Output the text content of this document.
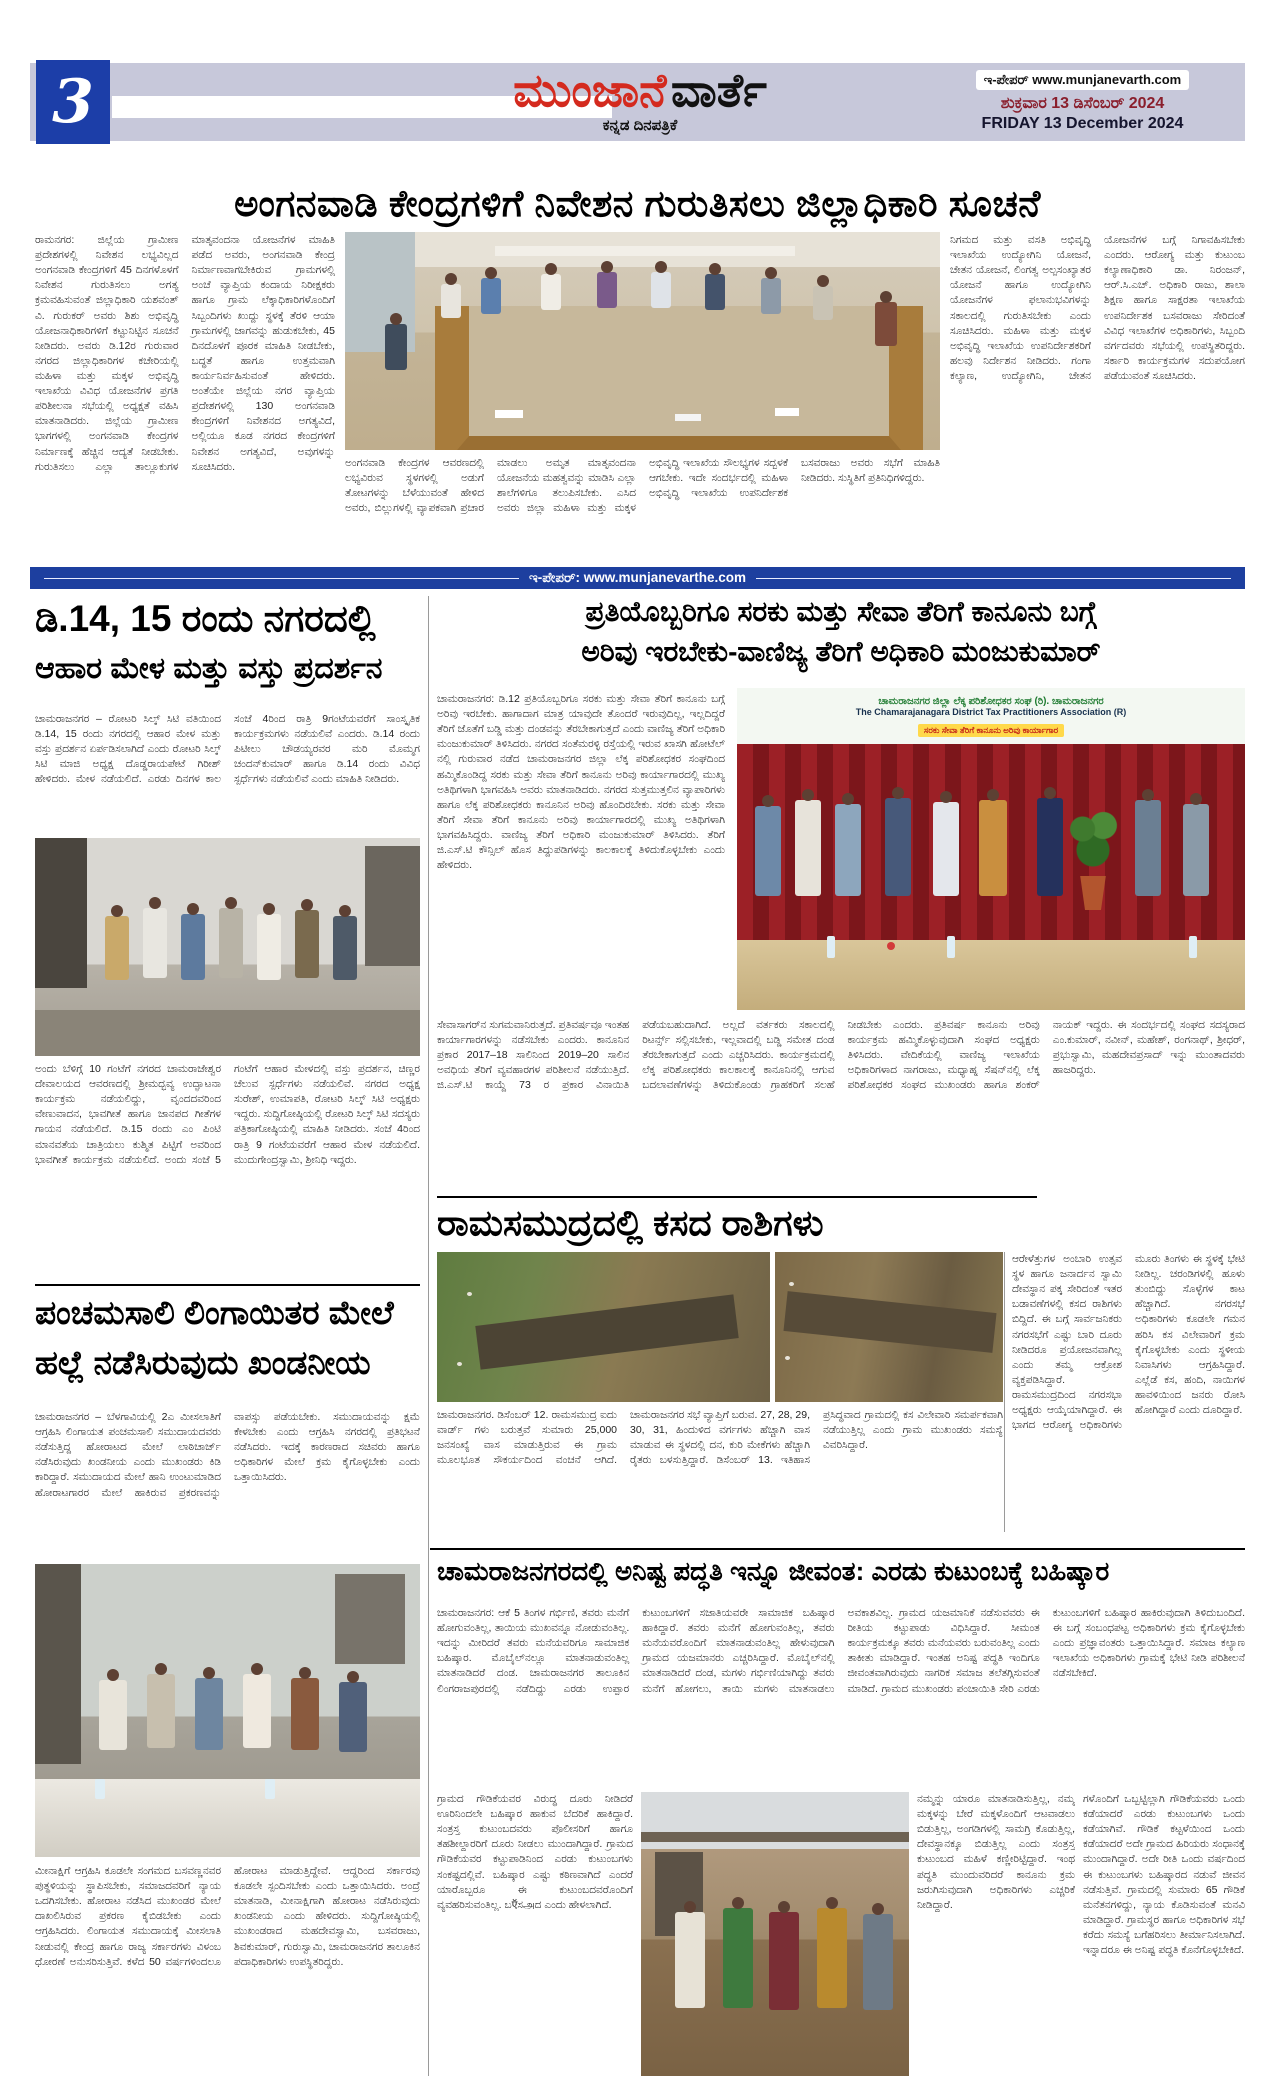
3	ಮುಂಜಾನೆ ವಾರ್ತೆ
ಕನ್ನಡ ದಿನಪತ್ರಿಕೆ
ಇ-ಪೇಪರ್ www.munjanevarth.com
ಶುಕ್ರವಾರ 13 ಡಿಸೆಂಬರ್ 2024
FRIDAY 13 December 2024
ಅಂಗನವಾಡಿ ಕೇಂದ್ರಗಳಿಗೆ ನಿವೇಶನ ಗುರುತಿಸಲು ಜಿಲ್ಲಾಧಿಕಾರಿ ಸೂಚನೆ
ರಾಮನಗರ: ಜಿಲ್ಲೆಯ ಗ್ರಾಮೀಣ ಪ್ರದೇಶಗಳಲ್ಲಿ ನಿವೇಶನ ಲಭ್ಯವಿಲ್ಲದ ಅಂಗನವಾಡಿ ಕೇಂದ್ರಗಳಿಗೆ 45 ದಿನಗಳೊಳಗೆ ನಿವೇಶನ ಗುರುತಿಸಲು ಅಗತ್ಯ ಕ್ರಮವಹಿಸುವಂತೆ ಜಿಲ್ಲಾಧಿಕಾರಿ ಯಶವಂತ್ ವಿ. ಗುರುಕರ್ ಅವರು ಶಿಶು ಅಭಿವೃದ್ಧಿ ಯೋಜನಾಧಿಕಾರಿಗಳಿಗೆ ಕಟ್ಟುನಿಟ್ಟಿನ ಸೂಚನೆ ನೀಡಿದರು. ಅವರು ಡಿ.12ರ ಗುರುವಾರ ನಗರದ ಜಿಲ್ಲಾಧಿಕಾರಿಗಳ ಕಚೇರಿಯಲ್ಲಿ ಮಹಿಳಾ ಮತ್ತು ಮಕ್ಕಳ ಅಭಿವೃದ್ಧಿ ಇಲಾಖೆಯ ವಿವಿಧ ಯೋಜನೆಗಳ ಪ್ರಗತಿ ಪರಿಶೀಲನಾ ಸಭೆಯಲ್ಲಿ ಅಧ್ಯಕ್ಷತೆ ವಹಿಸಿ ಮಾತನಾಡಿದರು. ಜಿಲ್ಲೆಯ ಗ್ರಾಮೀಣ ಭಾಗಗಳಲ್ಲಿ ಅಂಗನವಾಡಿ ಕೇಂದ್ರಗಳ ನಿರ್ಮಾಣಕ್ಕೆ ಹೆಚ್ಚಿನ ಆದ್ಯತೆ ನೀಡಬೇಕು. ಗುರುತಿಸಲು ಎಲ್ಲಾ ತಾಲ್ಲೂಕುಗಳ ಮಾತೃವಂದನಾ ಯೋಜನೆಗಳ ಮಾಹಿತಿ ಪಡೆದ ಅವರು, ಅಂಗನವಾಡಿ ಕೇಂದ್ರ ನಿರ್ಮಾಣವಾಗಬೇಕಿರುವ ಗ್ರಾಮಗಳಲ್ಲಿ ಅಂಚೆ ವ್ಯಾಪ್ತಿಯ ಕಂದಾಯ ನಿರೀಕ್ಷಕರು ಹಾಗೂ ಗ್ರಾಮ ಲೆಕ್ಕಾಧಿಕಾರಿಗಳೊಂದಿಗೆ ಸಿಬ್ಬಂದಿಗಳು ಖುದ್ದು ಸ್ಥಳಕ್ಕೆ ತೆರಳಿ ಆಯಾ ಗ್ರಾಮಗಳಲ್ಲಿ ಜಾಗವನ್ನು ಹುಡುಕಬೇಕು, 45 ದಿನದೊಳಗೆ ಪೂರಕ ಮಾಹಿತಿ ನೀಡಬೇಕು, ಬದ್ಧತೆ ಹಾಗೂ ಉತ್ತಮವಾಗಿ ಕಾರ್ಯನಿರ್ವಹಿಸುವಂತೆ ಹೇಳಿದರು. ಅಂತೆಯೇ ಜಿಲ್ಲೆಯ ನಗರ ವ್ಯಾಪ್ತಿಯ ಪ್ರದೇಶಗಳಲ್ಲಿ 130 ಅಂಗನವಾಡಿ ಕೇಂದ್ರಗಳಿಗೆ ನಿವೇಶನದ ಅಗತ್ಯವಿದೆ, ಅಲ್ಲಿಯೂ ಕೂಡ ನಗರದ ಕೇಂದ್ರಗಳಿಗೆ ನಿವೇಶನ ಅಗತ್ಯವಿದೆ, ಅವುಗಳನ್ನು ಸೂಚಿಸಿದರು.	ಅಂಗನವಾಡಿ ಕೇಂದ್ರಗಳ ಆವರಣದಲ್ಲಿ ಲಭ್ಯವಿರುವ ಸ್ಥಳಗಳಲ್ಲಿ ಅಡುಗೆ ತೋಟಗಳನ್ನು ಬೆಳೆಯುವಂತೆ ಹೇಳಿದ ಅವರು, ಬಿಲ್ಲುಗಳಲ್ಲಿ ವ್ಯಾಪಕವಾಗಿ ಪ್ರಚಾರ ಮಾಡಲು ಅಮೃತ ಮಾತೃವಂದನಾ ಯೋಜನೆಯ ಮಹತ್ವವನ್ನು ಮಾಡಿಸಿ ಎಲ್ಲಾ ಶಾಲೆಗಳಿಗೂ ತಲುಪಿಸಬೇಕು. ಎಸಿದ ಅವರು ಜಿಲ್ಲಾ ಮಹಿಳಾ ಮತ್ತು ಮಕ್ಕಳ ಅಭಿವೃದ್ಧಿ ಇಲಾಖೆಯ ಸೌಲಭ್ಯಗಳ ಸದ್ಬಳಕೆ ಆಗಬೇಕು. ಇದೇ ಸಂದರ್ಭದಲ್ಲಿ ಮಹಿಳಾ ಅಭಿವೃದ್ಧಿ ಇಲಾಖೆಯ ಉಪನಿರ್ದೇಶಕ ಬಸವರಾಜು ಅವರು ಸಭೆಗೆ ಮಾಹಿತಿ ನೀಡಿದರು. ಸುಸ್ಥಿತಿಗೆ ಪ್ರತಿನಿಧಿಗಳಿದ್ದರು.
ನಿಗಮದ ಮತ್ತು ವಸತಿ ಅಭಿವೃದ್ಧಿ ಇಲಾಖೆಯ ಉದ್ಯೋಗಿನಿ ಯೋಜನೆ, ಚೇತನ ಯೋಜನೆ, ಲಿಂಗತ್ವ ಅಲ್ಪಸಂಖ್ಯಾತರ ಯೋಜನೆ ಹಾಗೂ ಉದ್ಯೋಗಿನಿ ಯೋಜನೆಗಳ ಫಲಾನುಭವಿಗಳನ್ನು ಸಕಾಲದಲ್ಲಿ ಗುರುತಿಸಬೇಕು ಎಂದು ಸೂಚಿಸಿದರು. ಮಹಿಳಾ ಮತ್ತು ಮಕ್ಕಳ ಅಭಿವೃದ್ಧಿ ಇಲಾಖೆಯ ಉಪನಿರ್ದೇಶಕರಿಗೆ ಹಲವು ನಿರ್ದೇಶನ ನೀಡಿದರು. ಗಂಗಾ ಕಲ್ಯಾಣ, ಉದ್ಯೋಗಿನಿ, ಚೇತನ ಯೋಜನೆಗಳ ಬಗ್ಗೆ ನಿಗಾವಹಿಸಬೇಕು ಎಂದರು. ಆರೋಗ್ಯ ಮತ್ತು ಕುಟುಂಬ ಕಲ್ಯಾಣಾಧಿಕಾರಿ ಡಾ. ನಿರಂಜನ್, ಆರ್.ಸಿ.ಎಚ್. ಅಧಿಕಾರಿ ರಾಜು, ಶಾಲಾ ಶಿಕ್ಷಣ ಹಾಗೂ ಸಾಕ್ಷರತಾ ಇಲಾಖೆಯ ಉಪನಿರ್ದೇಶಕ ಬಸವರಾಜು ಸೇರಿದಂತೆ ವಿವಿಧ ಇಲಾಖೆಗಳ ಅಧಿಕಾರಿಗಳು, ಸಿಬ್ಬಂದಿ ವರ್ಗದವರು ಸಭೆಯಲ್ಲಿ ಉಪಸ್ಥಿತರಿದ್ದರು. ಸರ್ಕಾರಿ ಕಾರ್ಯಕ್ರಮಗಳ ಸದುಪಯೋಗ ಪಡೆಯುವಂತೆ ಸೂಚಿಸಿದರು.
ಇ-ಪೇಪರ್: www.munjanevarthe.com
ಡಿ.14, 15 ರಂದು ನಗರದಲ್ಲಿ
ಆಹಾರ ಮೇಳ ಮತ್ತು ವಸ್ತು ಪ್ರದರ್ಶನ
ಚಾಮರಾಜನಗರ – ರೋಟರಿ ಸಿಲ್ಕ್ ಸಿಟಿ ವತಿಯಿಂದ ಡಿ.14, 15 ರಂದು ನಗರದಲ್ಲಿ ಆಹಾರ ಮೇಳ ಮತ್ತು ವಸ್ತು ಪ್ರದರ್ಶನ ಏರ್ಪಡಿಸಲಾಗಿದೆ ಎಂದು ರೋಟರಿ ಸಿಲ್ಕ್ ಸಿಟಿ ಮಾಜಿ ಅಧ್ಯಕ್ಷ ದೊಡ್ಡರಾಯಪೇಟೆ ಗಿರೀಶ್ ಹೇಳಿದರು. ಮೇಳ ನಡೆಯಲಿದೆ. ಎರಡು ದಿನಗಳ ಕಾಲ ಸಂಜೆ 4ರಿಂದ ರಾತ್ರಿ 9ಗಂಟೆಯವರೆಗೆ ಸಾಂಸ್ಕೃತಿಕ ಕಾರ್ಯಕ್ರಮಗಳು ನಡೆಯಲಿವೆ ಎಂದರು. ಡಿ.14 ರಂದು ಪಿಟೀಲು ಚೌಡಯ್ಯರವರ ಮರಿ ಮೊಮ್ಮಗ ಚಂದನ್‌ಕುಮಾರ್ ಹಾಗೂ ಡಿ.14 ರಂದು ವಿವಿಧ ಸ್ಪರ್ಧೆಗಳು ನಡೆಯಲಿವೆ ಎಂದು ಮಾಹಿತಿ ನೀಡಿದರು.
ಅಂದು ಬೆಳಿಗ್ಗೆ 10 ಗಂಟೆಗೆ ನಗರದ ಚಾಮರಾಜೇಶ್ವರ ದೇವಾಲಯದ ಆವರಣದಲ್ಲಿ ಶ್ರೀಮದ್ಭವ್ಯ ಉದ್ಘಾಟನಾ ಕಾರ್ಯಕ್ರಮ ನಡೆಯಲಿದ್ದು, ವೃಂದದವರಿಂದ ವೇಣುವಾದನ, ಭಾವಗೀತೆ ಹಾಗೂ ಜಾನಪದ ಗೀತೆಗಳ ಗಾಯನ ನಡೆಯಲಿದೆ. ಡಿ.15 ರಂದು ಎಂ ಪಿಂಟಿ ಮಾನವತೆಯ ಚಾತ್ರಿಯಲು ಕುಶ್ಮಿತ ಪಿಟ್ಟಿಗೆ ಅವರಿಂದ ಭಾವಗೀತೆ ಕಾರ್ಯಕ್ರಮ ನಡೆಯಲಿದೆ. ಅಂದು ಸಂಜೆ 5 ಗಂಟೆಗೆ ಆಹಾರ ಮೇಳದಲ್ಲಿ ವಸ್ತು ಪ್ರದರ್ಶನ, ಚಿಣ್ಣರ ಚೆಲುವ ಸ್ಪರ್ಧೆಗಳು ನಡೆಯಲಿವೆ. ನಗರದ ಅಧ್ಯಕ್ಷ ಸುರೇಶ್, ಉಮಾಪತಿ, ರೋಟರಿ ಸಿಲ್ಕ್ ಸಿಟಿ ಅಧ್ಯಕ್ಷರು ಇದ್ದರು. ಸುದ್ದಿಗೋಷ್ಠಿಯಲ್ಲಿ ರೋಟರಿ ಸಿಲ್ಕ್ ಸಿಟಿ ಸದಸ್ಯರು ಪತ್ರಿಕಾಗೋಷ್ಠಿಯಲ್ಲಿ ಮಾಹಿತಿ ನೀಡಿದರು. ಸಂಜೆ 4ರಿಂದ ರಾತ್ರಿ 9 ಗಂಟೆಯವರೆಗೆ ಆಹಾರ ಮೇಳ ನಡೆಯಲಿದೆ. ಮುದುಗೇಂದ್ರಸ್ವಾಮಿ, ಶ್ರೀನಿಧಿ ಇದ್ದರು.
ಪ್ರತಿಯೊಬ್ಬರಿಗೂ ಸರಕು ಮತ್ತು ಸೇವಾ ತೆರಿಗೆ ಕಾನೂನು ಬಗ್ಗೆ
ಅರಿವು ಇರಬೇಕು-ವಾಣಿಜ್ಯ ತೆರಿಗೆ ಅಧಿಕಾರಿ ಮಂಜುಕುಮಾರ್
ಚಾಮರಾಜನಗರ: ಡಿ.12 ಪ್ರತಿಯೊಬ್ಬರಿಗೂ ಸರಕು ಮತ್ತು ಸೇವಾ ತೆರಿಗೆ ಕಾನೂನು ಬಗ್ಗೆ ಅರಿವು ಇರಬೇಕು. ಹಾಗಾದಾಗ ಮಾತ್ರ ಯಾವುದೇ ತೊಂದರೆ ಇರುವುದಿಲ್ಲ, ಇಲ್ಲದಿದ್ದರೆ ತೆರಿಗೆ ಜೊತೆಗೆ ಬಡ್ಡಿ ಮತ್ತು ದಂಡವನ್ನು ತೆರಬೇಕಾಗುತ್ತದೆ ಎಂದು ವಾಣಿಜ್ಯ ತೆರಿಗೆ ಅಧಿಕಾರಿ ಮಂಜುಕುಮಾರ್ ತಿಳಿಸಿದರು. ನಗರದ ಸಂತೆಮರಳ್ಳಿ ರಸ್ತೆಯಲ್ಲಿ ಇರುವ ಖಾಸಗಿ ಹೋಟೆಲ್ ನಲ್ಲಿ ಗುರುವಾರ ನಡೆದ ಚಾಮರಾಜನಗರ ಜಿಲ್ಲಾ ಲೆಕ್ಕ ಪರಿಶೋಧಕರ ಸಂಘದಿಂದ ಹಮ್ಮಿಕೊಂಡಿದ್ದ ಸರಕು ಮತ್ತು ಸೇವಾ ತೆರಿಗೆ ಕಾನೂನು ಅರಿವು ಕಾರ್ಯಾಗಾರದಲ್ಲಿ ಮುಖ್ಯ ಅತಿಥಿಗಳಾಗಿ ಭಾಗವಹಿಸಿ ಅವರು ಮಾತನಾಡಿದರು. ನಗರದ ಸುತ್ತಮುತ್ತಲಿನ ವ್ಯಾಪಾರಿಗಳು ಹಾಗೂ ಲೆಕ್ಕ ಪರಿಶೋಧಕರು ಕಾನೂನಿನ ಅರಿವು ಹೊಂದಿರಬೇಕು. ಸರಕು ಮತ್ತು ಸೇವಾ ತೆರಿಗೆ ಸೇವಾ ತೆರಿಗೆ ಕಾನೂನು ಅರಿವು ಕಾರ್ಯಾಗಾರದಲ್ಲಿ ಮುಖ್ಯ ಅತಿಥಿಗಳಾಗಿ ಭಾಗವಹಿಸಿದ್ದರು. ವಾಣಿಜ್ಯ ತೆರಿಗೆ ಅಧಿಕಾರಿ ಮಂಜುಕುಮಾರ್ ತಿಳಿಸಿದರು. ತೆರಿಗೆ ಜಿ.ಎಸ್.ಟಿ ಕೌನ್ಸಿಲ್ ಹೊಸ ತಿದ್ದುಪಡಿಗಳನ್ನು ಕಾಲಕಾಲಕ್ಕೆ ತಿಳಿದುಕೊಳ್ಳಬೇಕು ಎಂದು ಹೇಳಿದರು.
ಚಾಮರಾಜನಗರ ಜಿಲ್ಲಾ ಲೆಕ್ಕ ಪರಿಶೋಧಕರ ಸಂಘ (ರಿ). ಚಾಮರಾಜನಗರ
The Chamarajanagara District Tax Practitioners Association (R)
ಸರಕು ಸೇವಾ ತೆರಿಗೆ ಕಾನೂನು ಅರಿವು ಕಾರ್ಯಾಗಾರ
ಸೇವಾಸಾಗರ್‌ನ ಸುಗಮವಾನಿರುತ್ತದೆ. ಪ್ರತಿವರ್ಷವೂ ಇಂತಹ ಕಾರ್ಯಾಗಾರಗಳನ್ನು ನಡೆಸಬೇಕು ಎಂದರು. ಕಾನೂನಿನ ಪ್ರಕಾರ 2017–18 ಸಾಲಿನಿಂದ 2019–20 ಸಾಲಿನ ಅವಧಿಯ ತೆರಿಗೆ ವ್ಯವಹಾರಗಳ ಪರಿಶೀಲನೆ ನಡೆಯುತ್ತಿದೆ. ಜಿ.ಎಸ್.ಟಿ ಕಾಯ್ದೆ 73 ರ ಪ್ರಕಾರ ವಿನಾಯಿತಿ ಪಡೆಯಬಹುದಾಗಿದೆ. ಅಲ್ಲದೆ ವರ್ತಕರು ಸಕಾಲದಲ್ಲಿ ರಿಟರ್ನ್ಸ್ ಸಲ್ಲಿಸಬೇಕು, ಇಲ್ಲವಾದಲ್ಲಿ ಬಡ್ಡಿ ಸಮೇತ ದಂಡ ತೆರಬೇಕಾಗುತ್ತದೆ ಎಂದು ಎಚ್ಚರಿಸಿದರು. ಕಾರ್ಯಕ್ರಮದಲ್ಲಿ ಲೆಕ್ಕ ಪರಿಶೋಧಕರು ಕಾಲಕಾಲಕ್ಕೆ ಕಾನೂನಿನಲ್ಲಿ ಆಗುವ ಬದಲಾವಣೆಗಳನ್ನು ತಿಳಿದುಕೊಂಡು ಗ್ರಾಹಕರಿಗೆ ಸಲಹೆ ನೀಡಬೇಕು ಎಂದರು. ಪ್ರತಿವರ್ಷ ಕಾನೂನು ಅರಿವು ಕಾರ್ಯಕ್ರಮ ಹಮ್ಮಿಕೊಳ್ಳುವುದಾಗಿ ಸಂಘದ ಅಧ್ಯಕ್ಷರು ತಿಳಿಸಿದರು. ವೇದಿಕೆಯಲ್ಲಿ ವಾಣಿಜ್ಯ ಇಲಾಖೆಯ ಅಧಿಕಾರಿಗಳಾದ ನಾಗರಾಜು, ಮಧ್ಯಾಹ್ನ ಸೆಷನ್‌ನಲ್ಲಿ ಲೆಕ್ಕ ಪರಿಶೋಧಕರ ಸಂಘದ ಮುಖಂಡರು ಹಾಗೂ ಶಂಕರ್ ನಾಯಕ್ ಇದ್ದರು. ಈ ಸಂದರ್ಭದಲ್ಲಿ ಸಂಘದ ಸದಸ್ಯರಾದ ಎಂ.ಕುಮಾರ್, ನವೀನ್, ಮಹೇಶ್, ರಂಗನಾಥ್, ಶ್ರೀಧರ್, ಪ್ರಭುಸ್ವಾಮಿ, ಮಹದೇವಪ್ರಸಾದ್ ಇನ್ನು ಮುಂತಾದವರು ಹಾಜರಿದ್ದರು.
ರಾಮಸಮುದ್ರದಲ್ಲಿ ಕಸದ ರಾಶಿಗಳು
ಆರೇಳೆತ್ತುಗಳ ಅಂಬಾರಿ ಉತ್ಸವ ಸ್ಥಳ ಹಾಗೂ ಜನಾರ್ದನ ಸ್ವಾಮಿ ದೇವಸ್ಥಾನ ಪಕ್ಕ ಸೇರಿದಂತೆ ಇತರ ಬಡಾವಣೆಗಳಲ್ಲಿ ಕಸದ ರಾಶಿಗಳು ಬಿದ್ದಿದೆ. ಈ ಬಗ್ಗೆ ಸಾರ್ವಜನಿಕರು ನಗರಸಭೆಗೆ ಎಷ್ಟು ಬಾರಿ ದೂರು ನೀಡಿದರೂ ಪ್ರಯೋಜನವಾಗಿಲ್ಲ ಎಂದು ತಮ್ಮ ಆಕ್ರೋಶ ವ್ಯಕ್ತಪಡಿಸಿದ್ದಾರೆ. ರಾಮಸಮುದ್ರದಿಂದ ನಗರಸಭಾ ಅಧ್ಯಕ್ಷರು ಆಯ್ಕೆಯಾಗಿದ್ದಾರೆ. ಈ ಭಾಗದ ಆರೋಗ್ಯ ಅಧಿಕಾರಿಗಳು ಮೂರು ತಿಂಗಳು ಈ ಸ್ಥಳಕ್ಕೆ ಭೇಟಿ ನೀಡಿಲ್ಲ. ಚರಂಡಿಗಳಲ್ಲಿ ಹೂಳು ತುಂಬಿದ್ದು ಸೊಳ್ಳೆಗಳ ಕಾಟ ಹೆಚ್ಚಾಗಿದೆ. ನಗರಸಭೆ ಅಧಿಕಾರಿಗಳು ಕೂಡಲೇ ಗಮನ ಹರಿಸಿ ಕಸ ವಿಲೇವಾರಿಗೆ ಕ್ರಮ ಕೈಗೊಳ್ಳಬೇಕು ಎಂದು ಸ್ಥಳೀಯ ನಿವಾಸಿಗಳು ಆಗ್ರಹಿಸಿದ್ದಾರೆ. ಎಲ್ಲೆಡೆ ಕಸ, ಹಂದಿ, ನಾಯಿಗಳ ಹಾವಳಿಯಿಂದ ಜನರು ರೋಸಿ ಹೋಗಿದ್ದಾರೆ ಎಂದು ದೂರಿದ್ದಾರೆ.
ಚಾಮರಾಜನಗರ. ಡಿಸೆಂಬರ್ 12. ರಾಮಸಮುದ್ರ ಐದು ವಾರ್ಡ್ ಗಳು ಬರುತ್ತವೆ ಸುಮಾರು 25,000 ಜನಸಂಖ್ಯೆ ವಾಸ ಮಾಡುತ್ತಿರುವ ಈ ಗ್ರಾಮ ಮೂಲಭೂತ ಸೌಕರ್ಯದಿಂದ ವಂಚನೆ ಆಗಿದೆ. ಚಾಮರಾಜನಗರ ಸಭೆ ವ್ಯಾಪ್ತಿಗೆ ಬರುವ. 27, 28, 29, 30, 31, ಹಿಂದುಳಿದ ವರ್ಗಗಳು ಹೆಚ್ಚಾಗಿ ವಾಸ ಮಾಡುವ ಈ ಸ್ಥಳದಲ್ಲಿ ದನ, ಕುರಿ ಮೇಕೆಗಳು ಹೆಚ್ಚಾಗಿ ರೈತರು ಬಳಸುತ್ತಿದ್ದಾರೆ. ಡಿಸೆಂಬರ್ 13. ಇತಿಹಾಸ ಪ್ರಸಿದ್ಧವಾದ ಗ್ರಾಮದಲ್ಲಿ ಕಸ ವಿಲೇವಾರಿ ಸಮರ್ಪಕವಾಗಿ ನಡೆಯುತ್ತಿಲ್ಲ ಎಂದು ಗ್ರಾಮ ಮುಖಂಡರು ಸಮಸ್ಯೆ ವಿವರಿಸಿದ್ದಾರೆ.
ಪಂಚಮಸಾಲಿ ಲಿಂಗಾಯಿತರ ಮೇಲೆ
ಹಲ್ಲೆ ನಡೆಸಿರುವುದು ಖಂಡನೀಯ
ಚಾಮರಾಜನಗರ – ಬೆಳಗಾವಿಯಲ್ಲಿ 2ಎ ಮೀಸಲಾತಿಗೆ ಆಗ್ರಹಿಸಿ ಲಿಂಗಾಯತ ಪಂಚಮಸಾಲಿ ಸಮುದಾಯದವರು ನಡೆಸುತ್ತಿದ್ದ ಹೋರಾಟದ ಮೇಲೆ ಲಾಠಿಚಾರ್ಜ್ ನಡೆಸಿರುವುದು ಖಂಡನೀಯ ಎಂದು ಮುಖಂಡರು ಕಿಡಿ ಕಾರಿದ್ದಾರೆ. ಸಮುದಾಯದ ಮೇಲೆ ಹಾನಿ ಉಂಟುಮಾಡಿದ ಹೋರಾಟಗಾರರ ಮೇಲೆ ಹಾಕಿರುವ ಪ್ರಕರಣವನ್ನು ವಾಪಸ್ಸು ಪಡೆಯಬೇಕು. ಸಮುದಾಯವನ್ನು ಕ್ಷಮೆ ಕೇಳಬೇಕು ಎಂದು ಆಗ್ರಹಿಸಿ ನಗರದಲ್ಲಿ ಪ್ರತಿಭಟನೆ ನಡೆಸಿದರು. ಇದಕ್ಕೆ ಕಾರಣರಾದ ಸಚಿವರು ಹಾಗೂ ಅಧಿಕಾರಿಗಳ ಮೇಲೆ ಕ್ರಮ ಕೈಗೊಳ್ಳಬೇಕು ಎಂದು ಒತ್ತಾಯಿಸಿದರು.
ಮೀನಾಕ್ಷಿಗೆ ಆಗ್ರಹಿಸಿ ಕೂಡಲೇ ಸಂಗಮದ ಬಸವಣ್ಣನವರ ಪುತ್ಥಳಿಯನ್ನು ಸ್ಥಾಪಿಸಬೇಕು, ಸಮಾಜದವರಿಗೆ ನ್ಯಾಯ ಒದಗಿಸಬೇಕು. ಹೋರಾಟ ನಡೆಸಿದ ಮುಖಂಡರ ಮೇಲೆ ದಾಖಲಿಸಿರುವ ಪ್ರಕರಣ ಕೈಬಿಡಬೇಕು ಎಂದು ಆಗ್ರಹಿಸಿದರು. ಲಿಂಗಾಯತ ಸಮುದಾಯಕ್ಕೆ ಮೀಸಲಾತಿ ನೀಡುವಲ್ಲಿ ಕೇಂದ್ರ ಹಾಗೂ ರಾಜ್ಯ ಸರ್ಕಾರಗಳು ವಿಳಂಬ ಧೋರಣೆ ಅನುಸರಿಸುತ್ತಿವೆ. ಕಳೆದ 50 ವರ್ಷಗಳಿಂದಲೂ ಹೋರಾಟ ಮಾಡುತ್ತಿದ್ದೇವೆ. ಆದ್ದರಿಂದ ಸರ್ಕಾರವು ಕೂಡಲೇ ಸ್ಪಂದಿಸಬೇಕು ಎಂದು ಒತ್ತಾಯಿಸಿದರು. ಅಂದ್ರೆ ಮಾತನಾಡಿ, ಮೀನಾಕ್ಷಿಗಾಗಿ ಹೋರಾಟ ನಡೆಸಿರುವುದು ಖಂಡನೀಯ ಎಂದು ಹೇಳಿದರು. ಸುದ್ದಿಗೋಷ್ಠಿಯಲ್ಲಿ ಮುಖಂಡರಾದ ಮಹದೇವಸ್ವಾಮಿ, ಬಸವರಾಜು, ಶಿವಕುಮಾರ್, ಗುರುಸ್ವಾಮಿ, ಚಾಮರಾಜನಗರ ತಾಲೂಕಿನ ಪದಾಧಿಕಾರಿಗಳು ಉಪಸ್ಥಿತರಿದ್ದರು.
ಚಾಮರಾಜನಗರದಲ್ಲಿ ಅನಿಷ್ಟ ಪದ್ಧತಿ ಇನ್ನೂ ಜೀವಂತ: ಎರಡು ಕುಟುಂಬಕ್ಕೆ ಬಹಿಷ್ಕಾರ
ಚಾಮರಾಜನಗರ: ಆಕೆ 5 ತಿಂಗಳ ಗರ್ಭಿಣಿ, ತವರು ಮನೆಗೆ ಹೋಗುವಂತಿಲ್ಲ, ತಾಯಿಯ ಮುಖವನ್ನೂ ನೋಡುವಂತಿಲ್ಲ. ಇದನ್ನು ಮೀರಿದರೆ ತವರು ಮನೆಯವರಿಗೂ ಸಾಮಾಜಿಕ ಬಹಿಷ್ಕಾರ. ಮೊಬೈಲ್‌ನಲ್ಲೂ ಮಾತನಾಡುವಂತಿಲ್ಲ ಮಾತನಾಡಿದರೆ ದಂಡ. ಚಾಮರಾಜನಗರ ತಾಲೂಕಿನ ಲಿಂಗರಾಜಪುರದಲ್ಲಿ ನಡೆದಿದ್ದು ಎರಡು ಉಪ್ಪಾರ ಕುಟುಂಬಗಳಿಗೆ ಸಜಾತಿಯವರೇ ಸಾಮಾಜಿಕ ಬಹಿಷ್ಕಾರ ಹಾಕಿದ್ದಾರೆ. ತವರು ಮನೆಗೆ ಹೋಗುವಂತಿಲ್ಲ, ತವರು ಮನೆಯವರೊಂದಿಗೆ ಮಾತನಾಡುವಂತಿಲ್ಲ ಹೇಳುವುದಾಗಿ ಗ್ರಾಮದ ಯಜಮಾನರು ಎಚ್ಚರಿಸಿದ್ದಾರೆ. ಮೊಬೈಲ್‌ನಲ್ಲಿ ಮಾತನಾಡಿದರೆ ದಂಡ, ಮಗಳು ಗರ್ಭಿಣಿಯಾಗಿದ್ದು ತವರು ಮನೆಗೆ ಹೋಗಲು, ತಾಯಿ ಮಗಳು ಮಾತನಾಡಲು ಅವಕಾಶವಿಲ್ಲ. ಗ್ರಾಮದ ಯಜಮಾನಿಕೆ ನಡೆಸುವವರು ಈ ರೀತಿಯ ಕಟ್ಟುಪಾಡು ವಿಧಿಸಿದ್ದಾರೆ. ಸೀಮಂತ ಕಾರ್ಯಕ್ರಮಕ್ಕೂ ತವರು ಮನೆಯವರು ಬರುವಂತಿಲ್ಲ ಎಂದು ತಾಕೀತು ಮಾಡಿದ್ದಾರೆ. ಇಂತಹ ಅನಿಷ್ಟ ಪದ್ಧತಿ ಇಂದಿಗೂ ಜೀವಂತವಾಗಿರುವುದು ನಾಗರಿಕ ಸಮಾಜ ತಲೆತಗ್ಗಿಸುವಂತೆ ಮಾಡಿದೆ. ಗ್ರಾಮದ ಮುಖಂಡರು ಪಂಚಾಯಿತಿ ಸೇರಿ ಎರಡು ಕುಟುಂಬಗಳಿಗೆ ಬಹಿಷ್ಕಾರ ಹಾಕಿರುವುದಾಗಿ ತಿಳಿದುಬಂದಿದೆ. ಈ ಬಗ್ಗೆ ಸಂಬಂಧಪಟ್ಟ ಅಧಿಕಾರಿಗಳು ಕ್ರಮ ಕೈಗೊಳ್ಳಬೇಕು ಎಂದು ಪ್ರಜ್ಞಾವಂತರು ಒತ್ತಾಯಿಸಿದ್ದಾರೆ. ಸಮಾಜ ಕಲ್ಯಾಣ ಇಲಾಖೆಯ ಅಧಿಕಾರಿಗಳು ಗ್ರಾಮಕ್ಕೆ ಭೇಟಿ ನೀಡಿ ಪರಿಶೀಲನೆ ನಡೆಸಬೇಕಿದೆ.
ಗ್ರಾಮದ ಗೌಡಿಕೆಯವರ ವಿರುದ್ಧ ದೂರು ನೀಡಿದರೆ ಊರಿನಿಂದಲೇ ಬಹಿಷ್ಕಾರ ಹಾಕುವ ಬೆದರಿಕೆ ಹಾಕಿದ್ದಾರೆ. ಸಂತ್ರಸ್ತ ಕುಟುಂಬದವರು ಪೊಲೀಸರಿಗೆ ಹಾಗೂ ತಹಶೀಲ್ದಾರರಿಗೆ ದೂರು ನೀಡಲು ಮುಂದಾಗಿದ್ದಾರೆ. ಗ್ರಾಮದ ಗೌಡಿಕೆಯವರ ಕಟ್ಟುಪಾಡಿನಿಂದ ಎರಡು ಕುಟುಂಬಗಳು ಸಂಕಷ್ಟದಲ್ಲಿವೆ. ಬಹಿಷ್ಕಾರ ಎಷ್ಟು ಕಠಿಣವಾಗಿದೆ ಎಂದರೆ ಯಾರೊಬ್ಬರೂ ಈ ಕುಟುಂಬದವರೊಂದಿಗೆ ವ್ಯವಹರಿಸುವಂತಿಲ್ಲ. ಬऍಸஅದ ಎಂದು ಹೇಳಲಾಗಿದೆ.
ನಮ್ಮನ್ನು ಯಾರೂ ಮಾತನಾಡಿಸುತ್ತಿಲ್ಲ, ನಮ್ಮ ಮಕ್ಕಳನ್ನು ಬೇರೆ ಮಕ್ಕಳೊಂದಿಗೆ ಆಟವಾಡಲು ಬಿಡುತ್ತಿಲ್ಲ, ಅಂಗಡಿಗಳಲ್ಲಿ ಸಾಮಗ್ರಿ ಕೊಡುತ್ತಿಲ್ಲ, ದೇವಸ್ಥಾನಕ್ಕೂ ಬಿಡುತ್ತಿಲ್ಲ ಎಂದು ಸಂತ್ರಸ್ತ ಕುಟುಂಬದ ಮಹಿಳೆ ಕಣ್ಣೀರಿಟ್ಟಿದ್ದಾರೆ. ಇಂಥ ಪದ್ಧತಿ ಮುಂದುವರಿದರೆ ಕಾನೂನು ಕ್ರಮ ಜರುಗಿಸುವುದಾಗಿ ಅಧಿಕಾರಿಗಳು ಎಚ್ಚರಿಕೆ ನೀಡಿದ್ದಾರೆ.
ಗಳೊಂದಿಗೆ ಒಬ್ಬಟ್ಟಿಲ್ಲಾಗಿ ಗೌಡಿಕೆಯವರು ಒಂದು ಕಡೆಯಾದರೆ ಎರಡು ಕುಟುಂಬಗಳು ಒಂದು ಕಡೆಯಾಗಿವೆ. ಗೌಡಿಕೆ ಕಟ್ಟಳೆಯಿಂದ ಒಂದು ಕಡೆಯಾದರೆ ಅದೇ ಗ್ರಾಮದ ಹಿರಿಯರು ಸಂಧಾನಕ್ಕೆ ಮುಂದಾಗಿದ್ದಾರೆ. ಅದೇ ರೀತಿ ಒಂದು ವರ್ಷದಿಂದ ಈ ಕುಟುಂಬಗಳು ಬಹಿಷ್ಕಾರದ ನಡುವೆ ಜೀವನ ನಡೆಸುತ್ತಿವೆ. ಗ್ರಾಮದಲ್ಲಿ ಸುಮಾರು 65 ಗೌಡಿಕೆ ಮನೆತನಗಳಿದ್ದು, ನ್ಯಾಯ ಕೊಡಿಸುವಂತೆ ಮನವಿ ಮಾಡಿದ್ದಾರೆ. ಗ್ರಾಮಸ್ಥರ ಹಾಗೂ ಅಧಿಕಾರಿಗಳ ಸಭೆ ಕರೆದು ಸಮಸ್ಯೆ ಬಗೆಹರಿಸಲು ತೀರ್ಮಾನಿಸಲಾಗಿದೆ. ಇನ್ನಾದರೂ ಈ ಅನಿಷ್ಟ ಪದ್ಧತಿ ಕೊನೆಗೊಳ್ಳಬೇಕಿದೆ.
